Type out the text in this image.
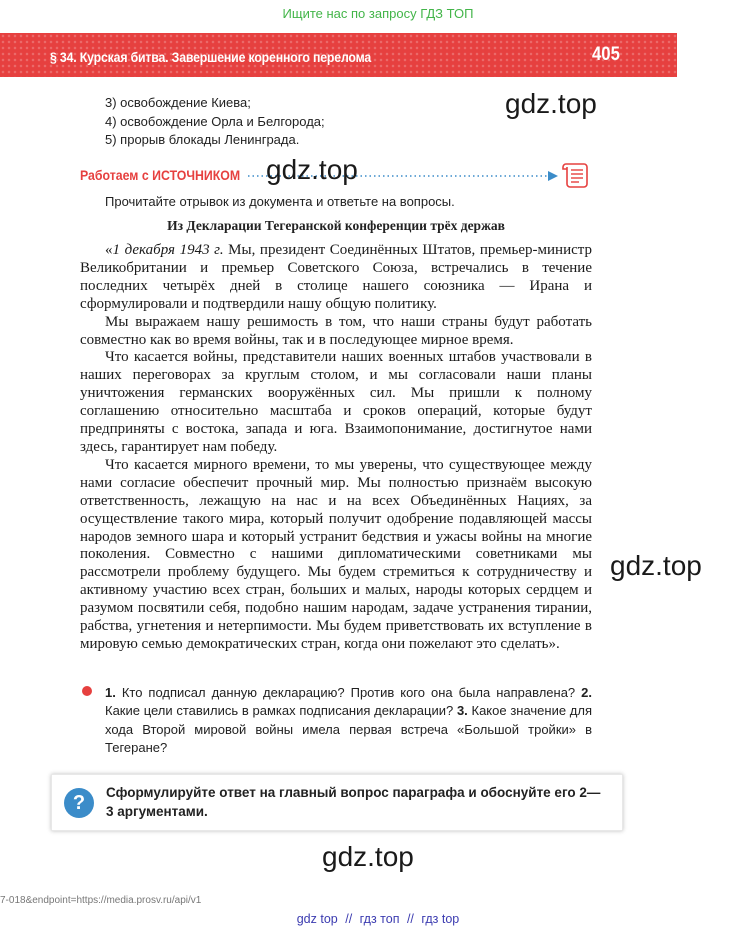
Ищите нас по запросу ГДЗ ТОП
§ 34. Курская битва. Завершение коренного перелома	405
3) освобождение Киева;
4) освобождение Орла и Белгорода;
5) прорыв блокады Ленинграда.
gdz.top
Работаем с ИСТОЧНИКОМ gdz.top
Прочитайте отрывок из документа и ответьте на вопросы.
Из Декларации Тегеранской конференции трёх держав

«1 декабря 1943 г. Мы, президент Соединённых Штатов, премьер-министр Великобритании и премьер Советского Союза, встречались в течение последних четырёх дней в столице нашего союзника — Ирана и сформулировали и подтвердили нашу общую политику.

Мы выражаем нашу решимость в том, что наши страны будут работать совместно как во время войны, так и в последующее мирное время.

Что касается войны, представители наших военных штабов участвовали в наших переговорах за круглым столом, и мы согласовали наши планы уничтожения германских вооружённых сил. Мы пришли к полному соглашению относительно масштаба и сроков операций, которые будут предприняты с востока, запада и юга. Взаимопонимание, достигнутое нами здесь, гарантирует нам победу.

Что касается мирного времени, то мы уверены, что существующее между нами согласие обеспечит прочный мир. Мы полностью признаём высокую ответственность, лежащую на нас и на всех Объединённых Нациях, за осуществление такого мира, который получит одобрение подавляющей массы народов земного шара и который устранит бедствия и ужасы войны на многие поколения. Совместно с нашими дипломатическими советниками мы рассмотрели проблему будущего. Мы будем стремиться к сотрудничеству и активному участию всех стран, больших и малых, народы которых сердцем и разумом посвятили себя, подобно нашим народам, задаче устранения тирании, рабства, угнетения и нетерпимости. Мы будем приветствовать их вступление в мировую семью демократических стран, когда они пожелают это сделать».

gdz.top
1. Кто подписал данную декларацию? Против кого она была направлена? 2. Какие цели ставились в рамках подписания декларации? 3. Какое значение для хода Второй мировой войны имела первая встреча «Большой тройки» в Тегеране?
?	Сформулируйте ответ на главный вопрос параграфа и обоснуйте его 2—3 аргументами.
gdz.top
7-018&endpoint=https://media.prosv.ru/api/v1
gdz top // гдз топ // гдз top
